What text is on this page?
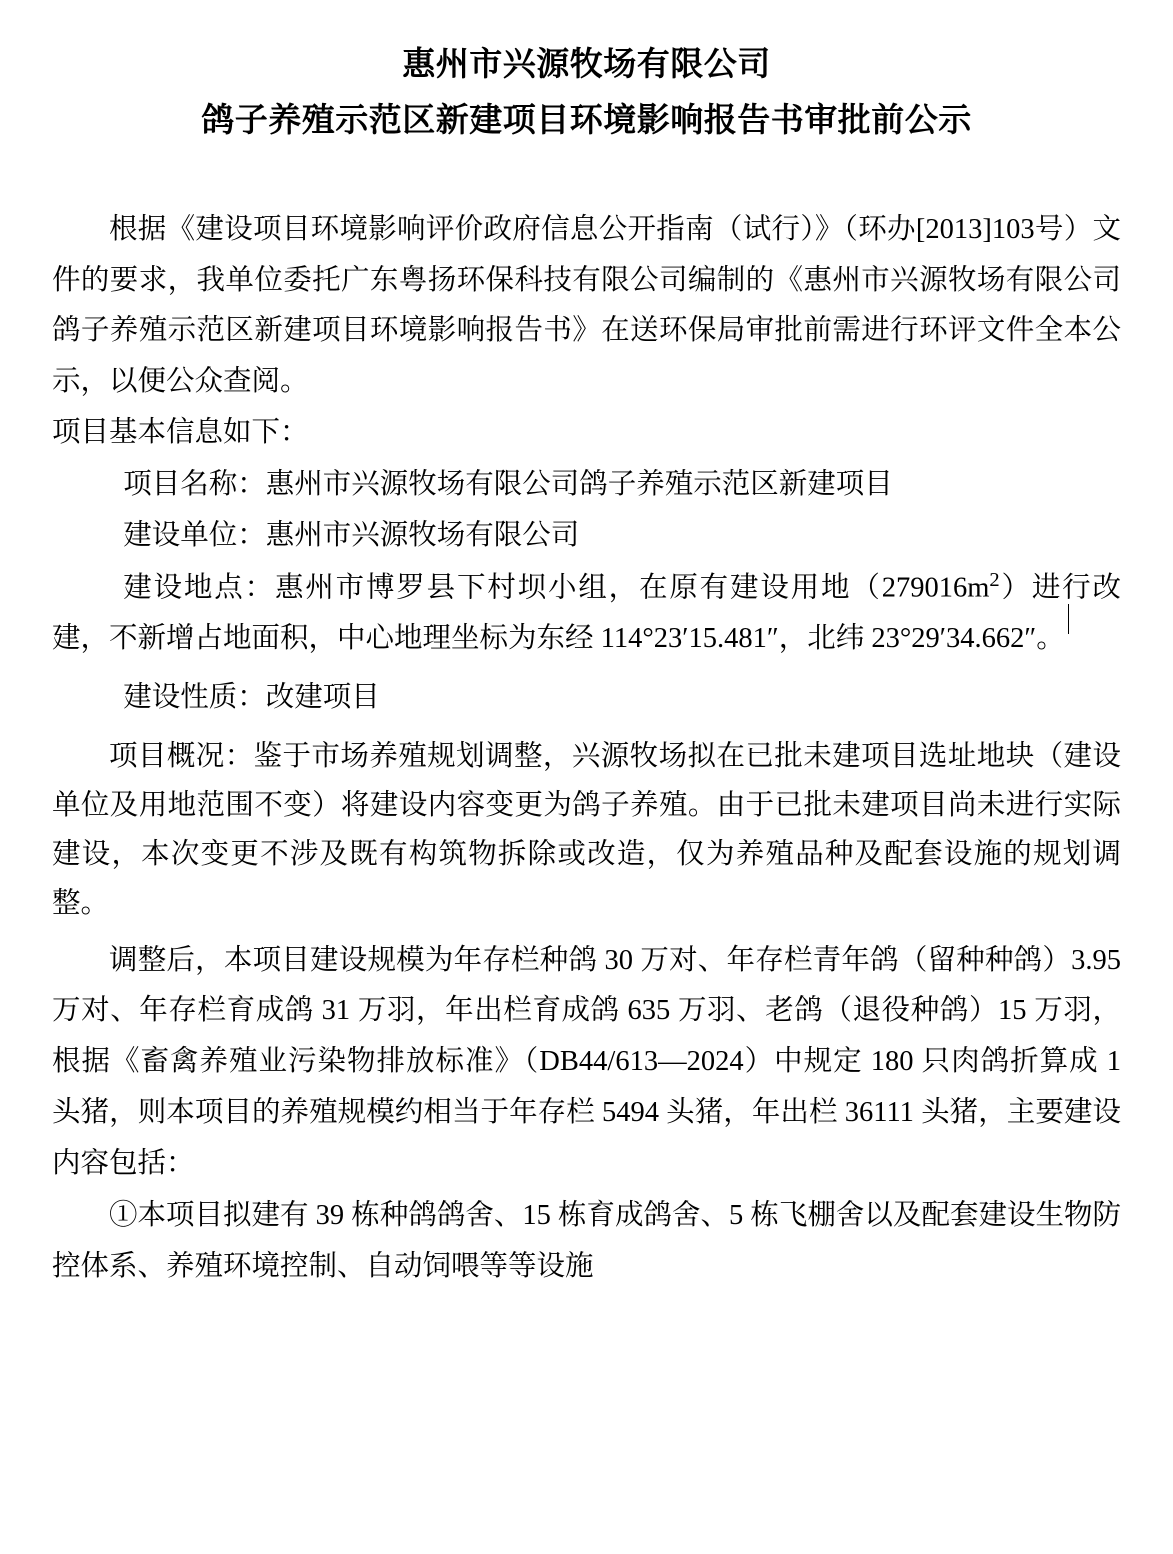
惠州市兴源牧场有限公司
鸽子养殖示范区新建项目环境影响报告书审批前公示

根据《建设项目环境影响评价政府信息公开指南（试行）》（环办[2013]103号）文件的要求，我单位委托广东粤扬环保科技有限公司编制的《惠州市兴源牧场有限公司鸽子养殖示范区新建项目环境影响报告书》在送环保局审批前需进行环评文件全本公示，以便公众查阅。

项目基本信息如下：

项目名称：惠州市兴源牧场有限公司鸽子养殖示范区新建项目

建设单位：惠州市兴源牧场有限公司

建设地点：惠州市博罗县下村坝小组，在原有建设用地$(279016m^2)$进行改建，不新增占地面积，中心地理坐标为东经 114°23′15.481″，北纬 23°29′34.662″。

建设性质：改建项目

项目概况：鉴于市场养殖规划调整，兴源牧场拟在已批未建项目选址地块（建设单位及用地范围不变）将建设内容变更为鸽子养殖。由于已批未建项目尚未进行实际建设，本次变更不涉及既有构筑物拆除或改造，仅为养殖品种及配套设施的规划调整。

调整后，本项目建设规模为年存栏种鸽 30 万对、年存栏青年鸽（留种种鸽）3.95 万对、年存栏育成鸽 31 万羽，年出栏育成鸽 635 万羽、老鸽（退役种鸽）15 万羽，根据《畜禽养殖业污染物排放标准》（DB44/613—2024）中规定 180 只肉鸽折算成 1 头猪，则本项目的养殖规模约相当于年存栏 5494 头猪，年出栏 36111 头猪，主要建设内容包括：

①本项目拟建有 39 栋种鸽鸽舍、15 栋育成鸽舍、5 栋飞棚舍以及配套建设生物防控体系、养殖环境控制、自动饲喂等等设施
